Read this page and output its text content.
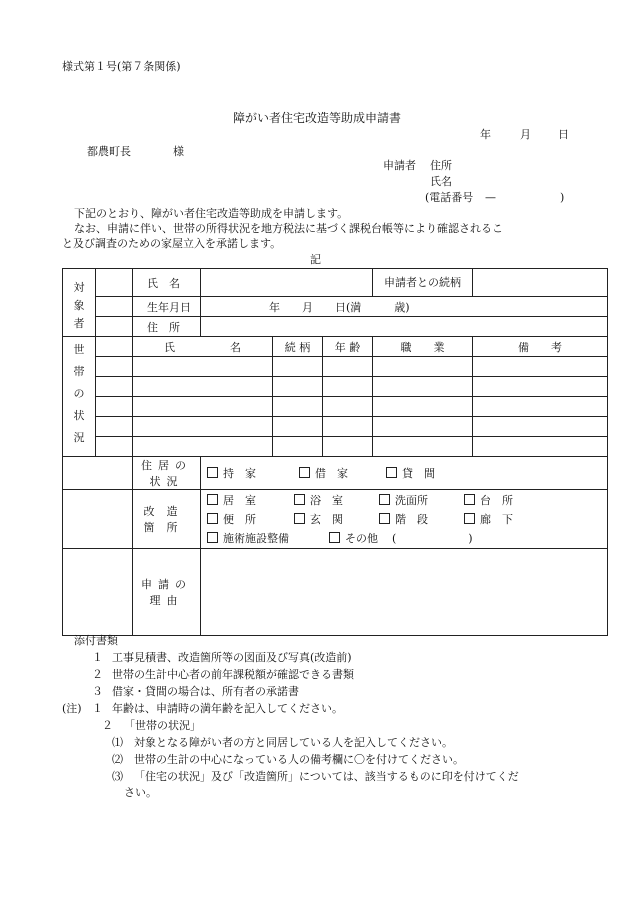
様式第１号(第７条関係)
障がい者住宅改造等助成申請書
年	月 日
都農町長	様
申請者 住所
氏名
(電話番号 —	)
下記のとおり、障がい者住宅改造等助成を申請します。
なお、申請に伴い、世帯の所得状況を地方税法に基づく課税台帳等により確認されるこ
と及び調査のための家屋立入を承諾します。
記
対
象
者		氏　名				申請者との続柄	
		生年月日	年　　月　　日(満　　　歳)				
		住　所					

世
帯
の
状
況		氏　　　　　名		続 柄	年 齢	職　　業	備　　考

		住居の状況	持　家 借　家 貸　間				
		改造箇所	居　室 浴　室 洗面所 台　所
便　所 玄　関 階　段 廊　下
施術施設整備 その他 ( )				

		申請の理由					
添付書類
１ 工事見積書、改造箇所等の図面及び写真(改造前)
２ 世帯の生計中心者の前年課税額が確認できる書類
３ 借家・貸間の場合は、所有者の承諾書
(注) １ 年齢は、申請時の満年齢を記入してください。
２ 「世帯の状況」
⑴ 対象となる障がい者の方と同居している人を記入してください。
⑵ 世帯の生計の中心になっている人の備考欄に〇を付けてください。
⑶ 「住宅の状況」及び「改造箇所」については、該当するものに印を付けてくだ
さい。
